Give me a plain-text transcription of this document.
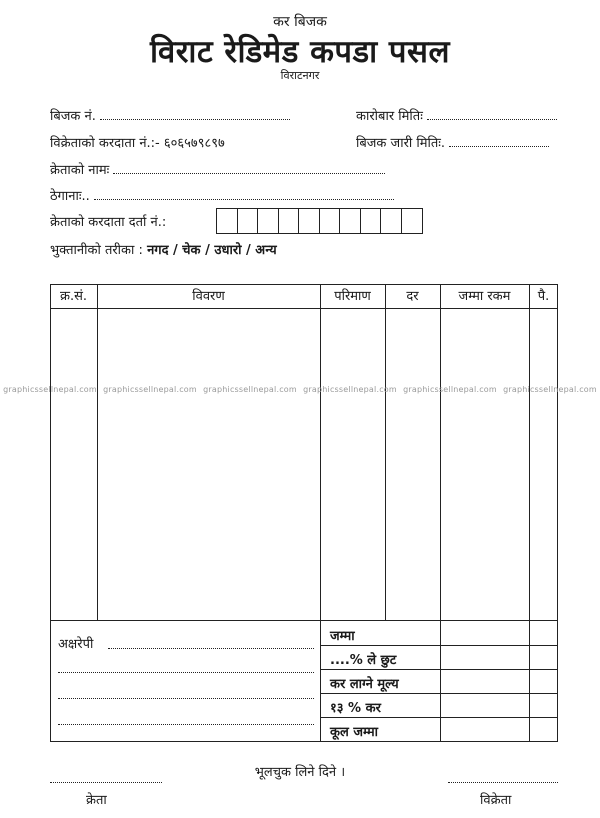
कर बिजक
विराट रेडिमेड कपडा पसल
विराटनगर
बिजक नं.	कारोबार मितिः
विक्रेताको करदाता नं.:- ६०६५७९८९७	बिजक जारी मितिः.
क्रेताको नामः
ठेगानाः..
क्रेताको करदाता दर्ता नं.:
भुक्तानीको तरीका : नगद / चेक / उधारो / अन्य
क्र.सं.	विवरण	परिमाण	दर	जम्मा रकम	पै.
graphicssellnepal.com graphicssellnepal.com graphicssellnepal.com graphicssellnepal.com graphicssellnepal.com graphicssellnepal.com
जम्मा
....% ले छुट
कर लाग्ने मूल्य
१३ % कर
कूल जम्मा
अक्षरेपी
भूलचुक लिने दिने ।
क्रेता	विक्रेता
